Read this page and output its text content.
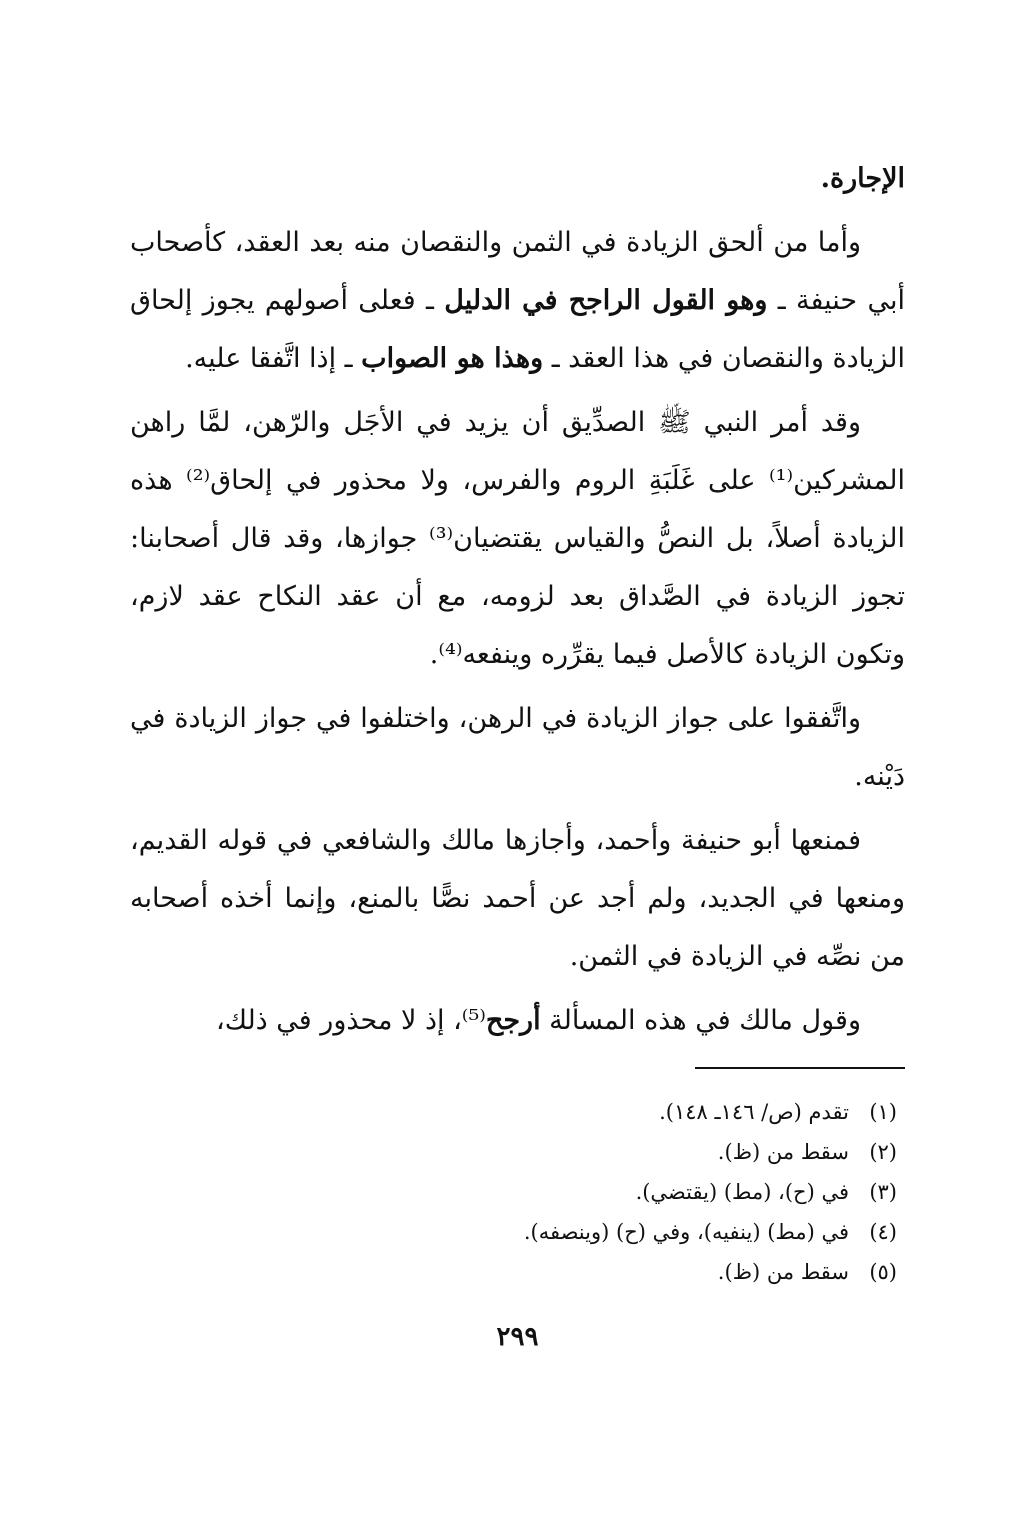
الإجارة.

وأما من ألحق الزيادة في الثمن والنقصان منه بعد العقد، كأصحاب أبي حنيفة ـ وهو القول الراجح في الدليل ـ فعلى أصولهم يجوز إلحاق الزيادة والنقصان في هذا العقد ـ وهذا هو الصواب ـ إذا اتَّفقا عليه.

وقد أمر النبي ﷺ الصدِّيق أن يزيد في الأجَل والرّهن، لمَّا راهن المشركين⁽¹⁾ على غَلَبَةِ الروم والفرس، ولا محذور في إلحاق⁽²⁾ هذه الزيادة أصلاً، بل النصُّ والقياس يقتضيان⁽³⁾ جوازها، وقد قال أصحابنا: تجوز الزيادة في الصَّداق بعد لزومه، مع أن عقد النكاح عقد لازم، وتكون الزيادة كالأصل فيما يقرِّره وينفعه⁽⁴⁾.

واتَّفقوا على جواز الزيادة في الرهن، واختلفوا في جواز الزيادة في دَيْنه.

فمنعها أبو حنيفة وأحمد، وأجازها مالك والشافعي في قوله القديم، ومنعها في الجديد، ولم أجد عن أحمد نصًّا بالمنع، وإنما أخذه أصحابه من نصِّه في الزيادة في الثمن.

وقول مالك في هذه المسألة أرجح⁽⁵⁾، إذ لا محذور في ذلك،

(١)تقدم (ص/ ١٤٦ـ ١٤٨).
(٢)سقط من (ظ).
(٣)في (ح)، (مط) (يقتضي).
(٤)في (مط) (ينفيه)، وفي (ح) (وينصفه).
(٥)سقط من (ظ).
٢٩٩
